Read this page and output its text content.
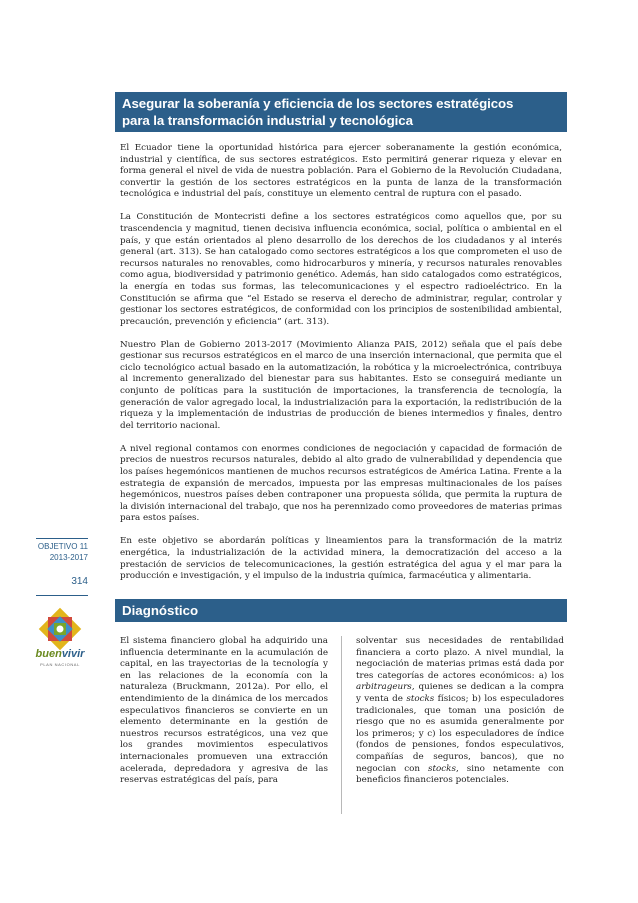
Asegurar la soberanía y eficiencia de los sectores estratégicos
para la transformación industrial y tecnológica

El Ecuador tiene la oportunidad histórica para ejercer soberanamente la gestión económica, industrial y científica, de sus sectores estratégicos. Esto permitirá generar riqueza y elevar en forma general el nivel de vida de nuestra población. Para el Gobierno de la Revolución Ciudadana, convertir la gestión de los sectores estratégicos en la punta de lanza de la transformación tecnológica e industrial del país, constituye un elemento central de ruptura con el pasado.

La Constitución de Montecristi define a los sectores estratégicos como aquellos que, por su trascendencia y magnitud, tienen decisiva influencia económica, social, política o ambiental en el país, y que están orientados al pleno desarrollo de los derechos de los ciudadanos y al interés general (art. 313). Se han catalogado como sectores estratégicos a los que comprometen el uso de recursos naturales no renovables, como hidrocarburos y minería, y recursos naturales renovables como agua, biodiversidad y patrimonio genético. Además, han sido catalogados como estratégicos, la energía en todas sus formas, las telecomunicaciones y el espectro radioeléctrico. En la Constitución se afirma que “el Estado se reserva el derecho de administrar, regular, controlar y gestionar los sectores estratégicos, de conformidad con los principios de sostenibilidad ambiental, precaución, prevención y eficiencia” (art. 313).

Nuestro Plan de Gobierno 2013-2017 (Movimiento Alianza PAIS, 2012) señala que el país debe gestionar sus recursos estratégicos en el marco de una inserción internacional, que permita que el ciclo tecnológico actual basado en la automatización, la robótica y la microelectrónica, contribuya al incremento generalizado del bienestar para sus habitantes. Esto se conseguirá mediante un conjunto de políticas para la sustitución de importaciones, la transferencia de tecnología, la generación de valor agregado local, la industrialización para la exportación, la redistribución de la riqueza y la implementación de industrias de producción de bienes intermedios y finales, dentro del territorio nacional.

A nivel regional contamos con enormes condiciones de negociación y capacidad de formación de precios de nuestros recursos naturales, debido al alto grado de vulnerabilidad y dependencia que los países hegemónicos mantienen de muchos recursos estratégicos de América Latina. Frente a la estrategia de expansión de mercados, impuesta por las empresas multinacionales de los países hegemónicos, nuestros países deben contraponer una propuesta sólida, que permita la ruptura de la división internacional del trabajo, que nos ha perennizado como proveedores de materias primas para estos países.

En este objetivo se abordarán políticas y lineamientos para la transformación de la matriz energética, la industrialización de la actividad minera, la democratización del acceso a la prestación de servicios de telecomunicaciones, la gestión estratégica del agua y el mar para la producción e investigación, y el impulso de la industria química, farmacéutica y alimentaria.

Diagnóstico

El sistema financiero global ha adquirido una influencia determinante en la acumulación de capital, en las trayectorias de la tecnología y en las relaciones de la economía con la naturaleza (Bruckmann, 2012a). Por ello, el entendimiento de la dinámica de los mercados especulativos financieros se convierte en un elemento determinante en la gestión de nuestros recursos estratégicos, una vez que los grandes movimientos especulativos internacionales promueven una extracción acelerada, depredadora y agresiva de las reservas estratégicas del país, para

solventar sus necesidades de rentabilidad financiera a corto plazo. A nivel mundial, la negociación de materias primas está dada por tres categorías de actores económicos: a) los arbitrageurs, quienes se dedican a la compra y venta de stocks físicos; b) los especuladores tradicionales, que toman una posición de riesgo que no es asumida generalmente por los primeros; y c) los especuladores de índice (fondos de pensiones, fondos especulativos, compañías de seguros, bancos), que no negocian con stocks, sino netamente con beneficios financieros potenciales.

OBJETIVO 11
2013-2017
314
buenvivir
PLAN NACIONAL
